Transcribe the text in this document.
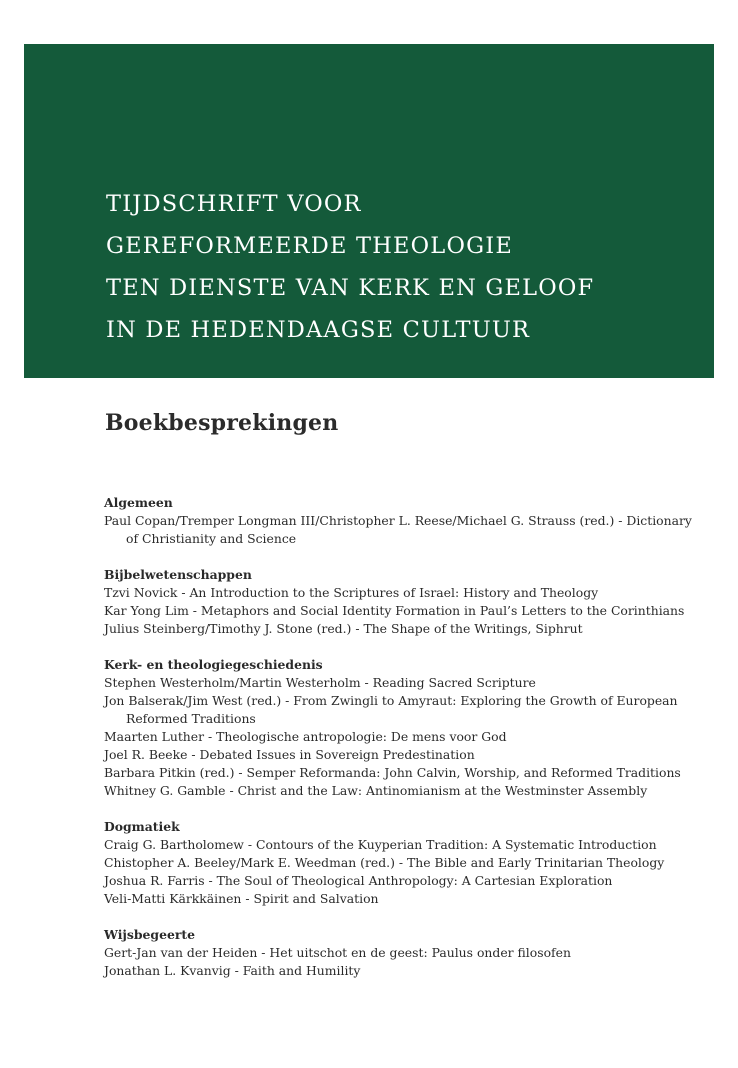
TIJDSCHRIFT VOOR
GEREFORMEERDE THEOLOGIE
TEN DIENSTE VAN KERK EN GELOOF
IN DE HEDENDAAGSE CULTUUR
Boekbesprekingen
Algemeen
Paul Copan/Tremper Longman III/Christopher L. Reese/Michael G. Strauss (red.) - Dictionary of Christianity and Science
Bijbelwetenschappen
Tzvi Novick - An Introduction to the Scriptures of Israel: History and Theology
Kar Yong Lim - Metaphors and Social Identity Formation in Paul’s Letters to the Corinthians
Julius Steinberg/Timothy J. Stone (red.) - The Shape of the Writings, Siphrut
Kerk- en theologiegeschiedenis
Stephen Westerholm/Martin Westerholm - Reading Sacred Scripture
Jon Balserak/Jim West (red.) - From Zwingli to Amyraut: Exploring the Growth of European Reformed Traditions
Maarten Luther - Theologische antropologie: De mens voor God
Joel R. Beeke - Debated Issues in Sovereign Predestination
Barbara Pitkin (red.) - Semper Reformanda: John Calvin, Worship, and Reformed Traditions
Whitney G. Gamble - Christ and the Law: Antinomianism at the Westminster Assembly
Dogmatiek
Craig G. Bartholomew - Contours of the Kuyperian Tradition: A Systematic Introduction
Chistopher A. Beeley/Mark E. Weedman (red.) - The Bible and Early Trinitarian Theology
Joshua R. Farris - The Soul of Theological Anthropology: A Cartesian Exploration
Veli-Matti Kärkkäinen - Spirit and Salvation
Wijsbegeerte
Gert-Jan van der Heiden - Het uitschot en de geest: Paulus onder filosofen
Jonathan L. Kvanvig - Faith and Humility
